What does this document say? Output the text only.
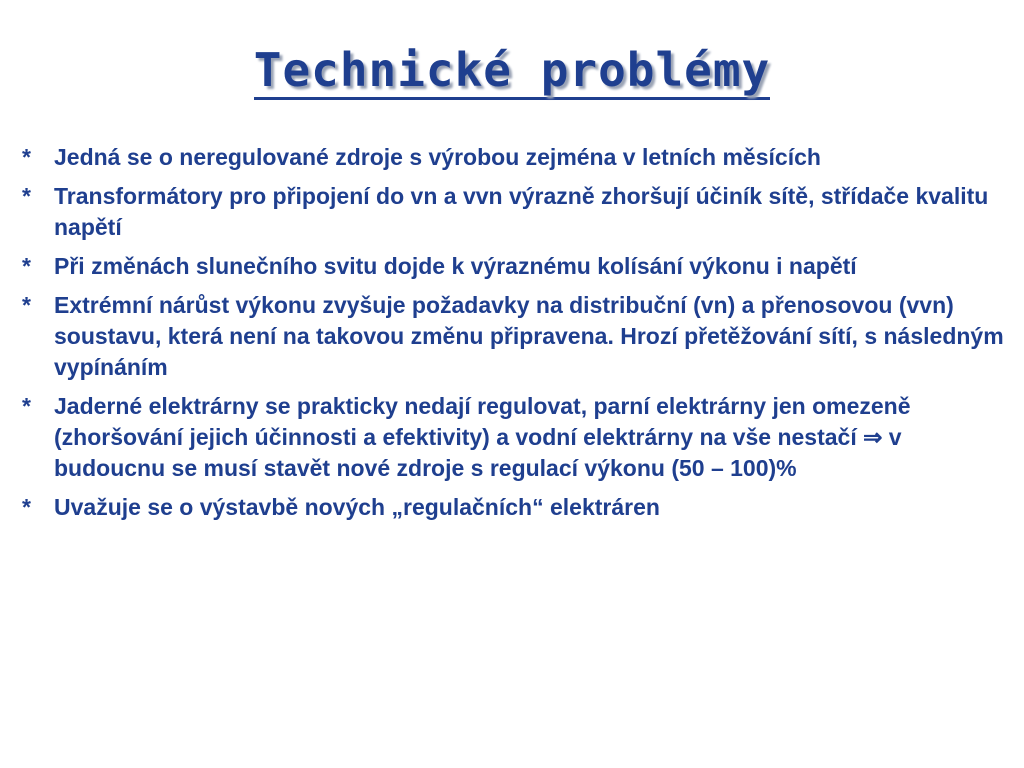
Technické problémy
*	Jedná se o neregulované zdroje s výrobou zejména v letních měsících
*	Transformátory pro připojení do vn a vvn výrazně zhoršují účiník sítě, střídače kvalitu napětí
*	Při změnách slunečního svitu dojde k výraznému kolísání výkonu i napětí
*	Extrémní nárůst výkonu zvyšuje požadavky na distribuční (vn) a přenosovou (vvn) soustavu, která není na takovou změnu připravena. Hrozí přetěžování sítí, s následným vypínáním
*	Jaderné elektrárny se prakticky nedají regulovat, parní elektrárny jen omezeně (zhoršování jejich účinnosti a efektivity) a vodní elektrárny na vše nestačí ⇒ v budoucnu se musí stavět nové zdroje s regulací výkonu (50 – 100)%
*	Uvažuje se o výstavbě nových „regulačních“ elektráren
